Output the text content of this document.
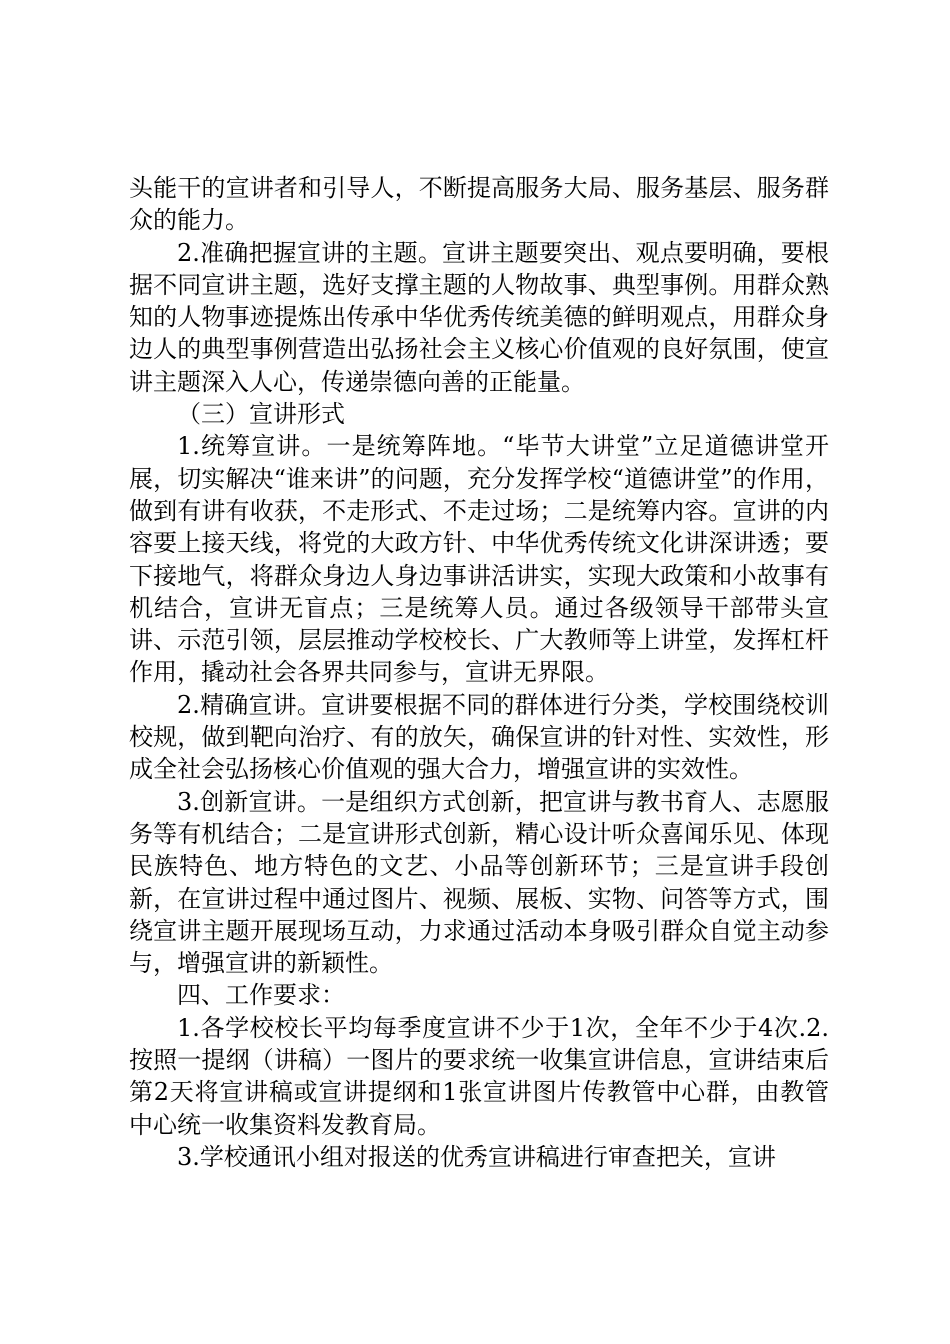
头能干的宣讲者和引导人，不断提高服务大局、服务基层、服务群众的能力。

2.准确把握宣讲的主题。宣讲主题要突出、观点要明确，要根据不同宣讲主题，选好支撑主题的人物故事、典型事例。用群众熟知的人物事迹提炼出传承中华优秀传统美德的鲜明观点，用群众身边人的典型事例营造出弘扬社会主义核心价值观的良好氛围，使宣讲主题深入人心，传递崇德向善的正能量。

（三）宣讲形式

1.统筹宣讲。一是统筹阵地。“毕节大讲堂”立足道德讲堂开展，切实解决“谁来讲”的问题，充分发挥学校“道德讲堂”的作用，做到有讲有收获，不走形式、不走过场；二是统筹内容。宣讲的内容要上接天线，将党的大政方针、中华优秀传统文化讲深讲透；要下接地气，将群众身边人身边事讲活讲实，实现大政策和小故事有机结合，宣讲无盲点；三是统筹人员。通过各级领导干部带头宣讲、示范引领，层层推动学校校长、广大教师等上讲堂，发挥杠杆作用，撬动社会各界共同参与，宣讲无界限。

2.精确宣讲。宣讲要根据不同的群体进行分类，学校围绕校训校规，做到靶向治疗、有的放矢，确保宣讲的针对性、实效性，形成全社会弘扬核心价值观的强大合力，增强宣讲的实效性。

3.创新宣讲。一是组织方式创新，把宣讲与教书育人、志愿服务等有机结合；二是宣讲形式创新，精心设计听众喜闻乐见、体现民族特色、地方特色的文艺、小品等创新环节；三是宣讲手段创新，在宣讲过程中通过图片、视频、展板、实物、问答等方式，围绕宣讲主题开展现场互动，力求通过活动本身吸引群众自觉主动参与，增强宣讲的新颖性。

四、工作要求：

1.各学校校长平均每季度宣讲不少于1次，全年不少于4次.2.按照一提纲（讲稿）一图片的要求统一收集宣讲信息，宣讲结束后第2天将宣讲稿或宣讲提纲和1张宣讲图片传教管中心群，由教管中心统一收集资料发教育局。

3.学校通讯小组对报送的优秀宣讲稿进行审查把关，宣讲
